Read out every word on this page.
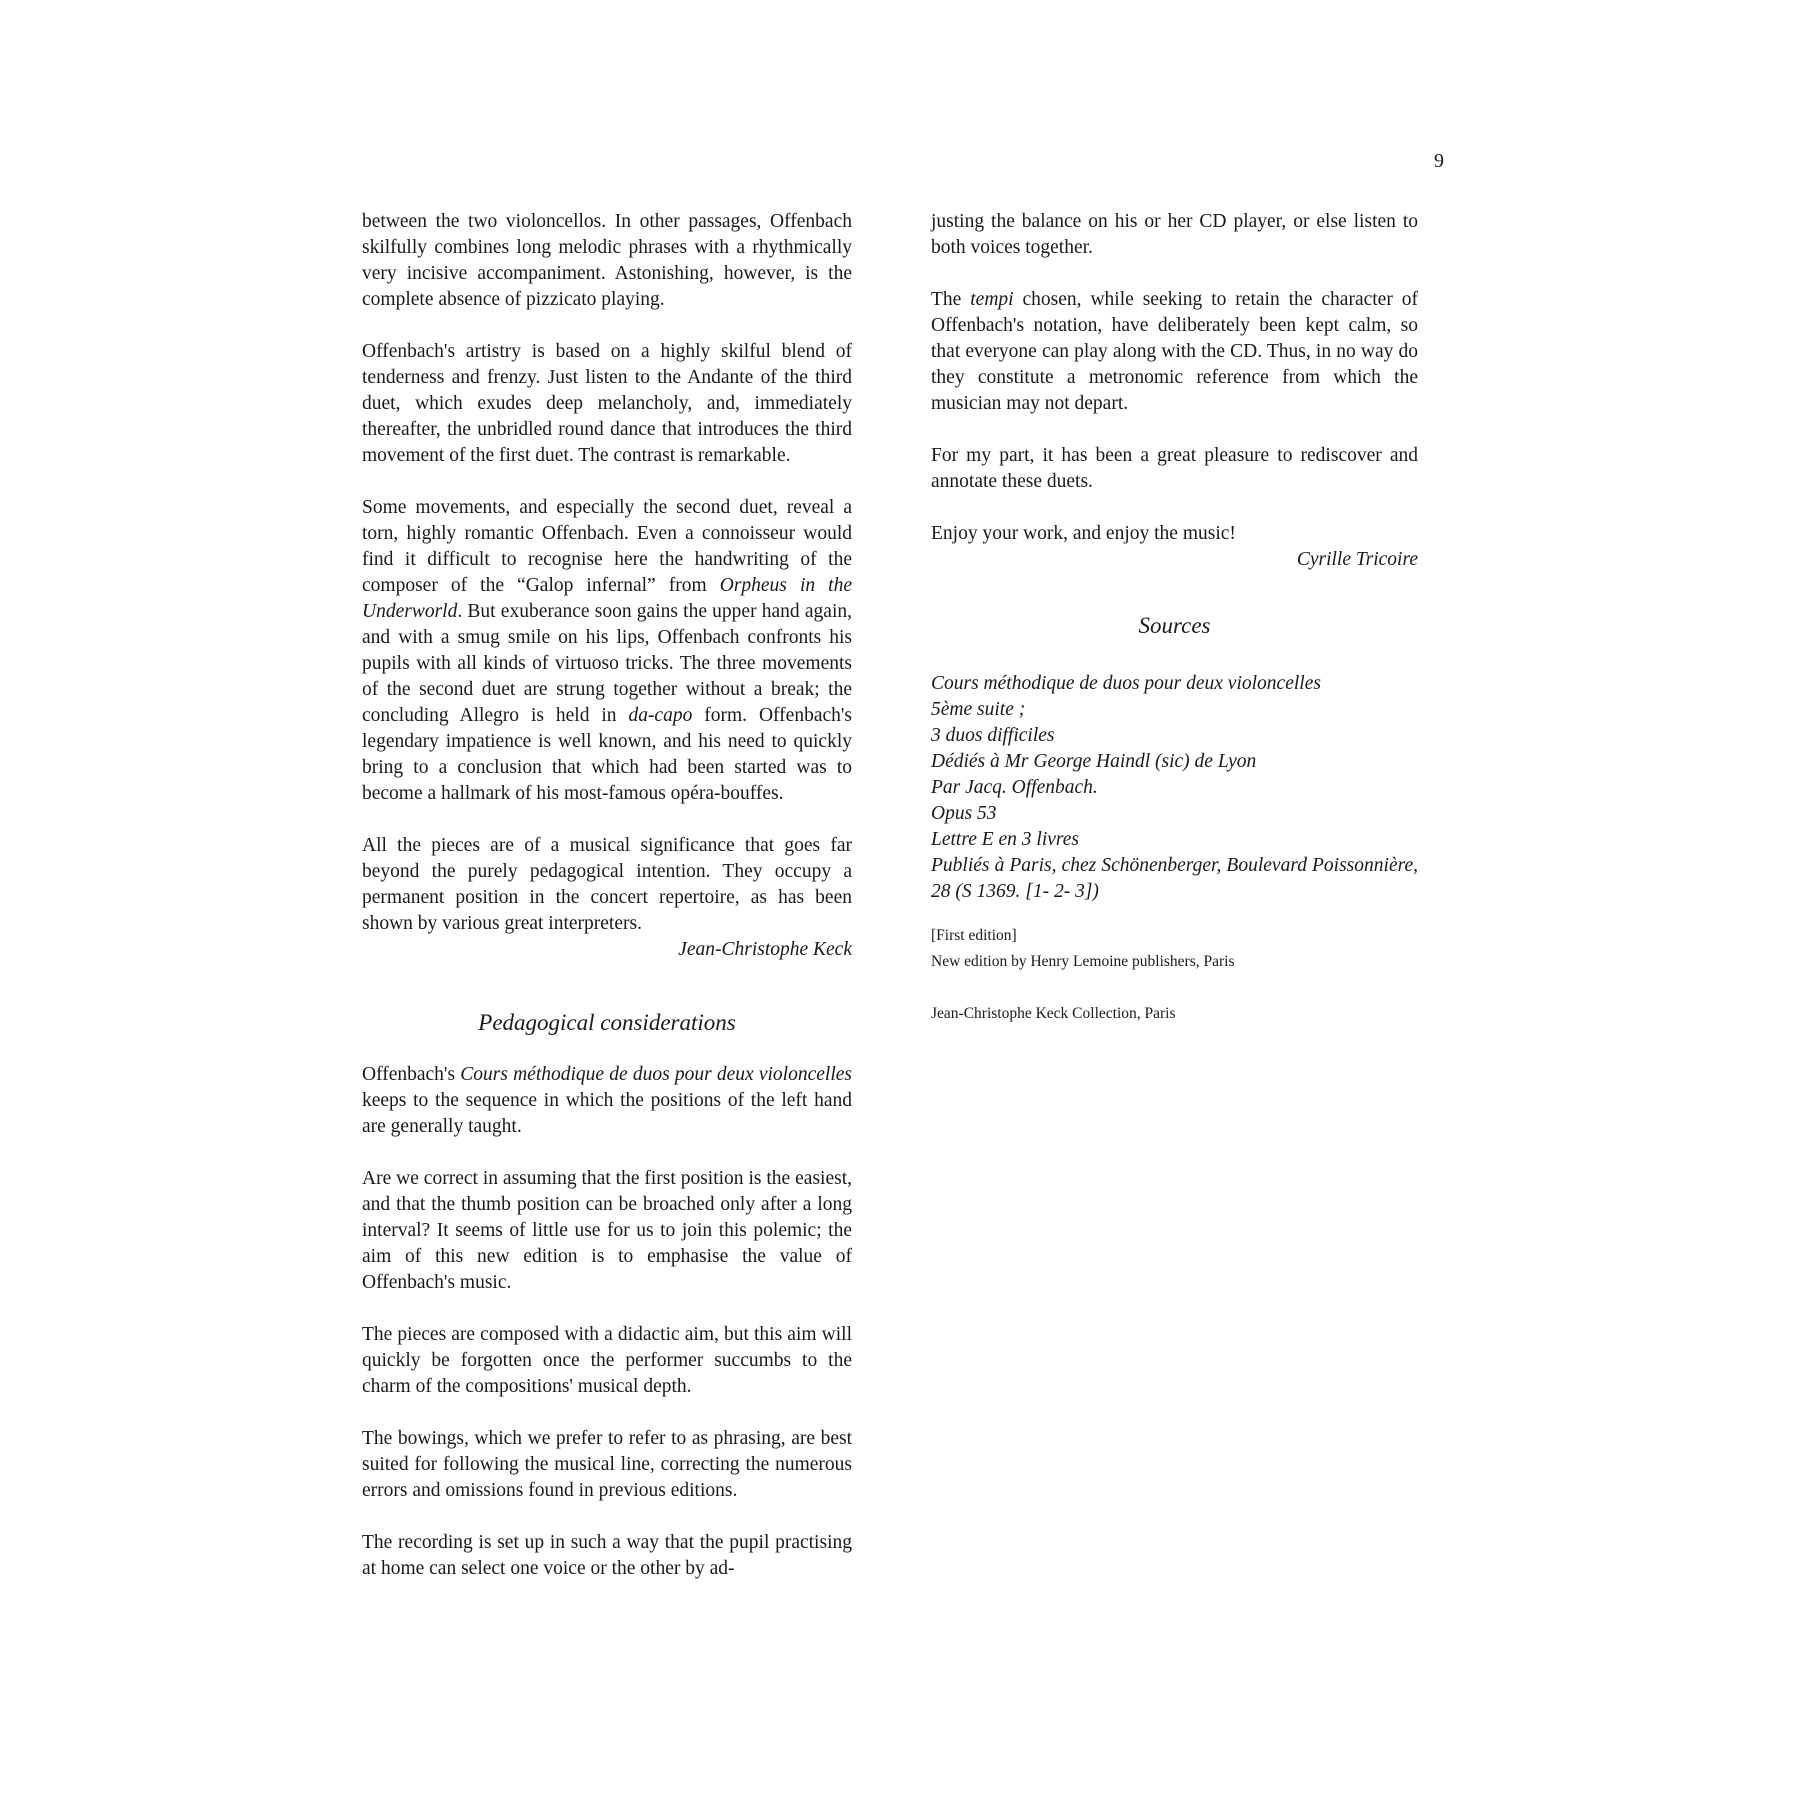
9

between the two violoncellos. In other passages, Offenbach skilfully combines long melodic phrases with a rhythmically very incisive accompaniment. Astonishing, however, is the complete absence of pizzicato playing.

Offenbach's artistry is based on a highly skilful blend of tenderness and frenzy. Just listen to the Andante of the third duet, which exudes deep melancholy, and, immediately thereafter, the unbridled round dance that introduces the third movement of the first duet. The contrast is remarkable.

Some movements, and especially the second duet, reveal a torn, highly romantic Offenbach. Even a connoisseur would find it difficult to recognise here the handwriting of the composer of the “Galop infernal” from Orpheus in the Underworld. But exuberance soon gains the upper hand again, and with a smug smile on his lips, Offenbach confronts his pupils with all kinds of virtuoso tricks. The three movements of the second duet are strung together without a break; the concluding Allegro is held in da-capo form. Offenbach's legendary impatience is well known, and his need to quickly bring to a conclusion that which had been started was to become a hallmark of his most-famous opéra-bouffes.

All the pieces are of a musical significance that goes far beyond the purely pedagogical intention. They occupy a permanent position in the concert repertoire, as has been shown by various great interpreters.

Jean-Christophe Keck
Pedagogical considerations

Offenbach's Cours méthodique de duos pour deux violoncelles keeps to the sequence in which the positions of the left hand are generally taught.

Are we correct in assuming that the first position is the easiest, and that the thumb position can be broached only after a long interval? It seems of little use for us to join this polemic; the aim of this new edition is to emphasise the value of Offenbach's music.

The pieces are composed with a didactic aim, but this aim will quickly be forgotten once the performer succumbs to the charm of the compositions' musical depth.

The bowings, which we prefer to refer to as phrasing, are best suited for following the musical line, correcting the numerous errors and omissions found in previous editions.

The recording is set up in such a way that the pupil practising at home can select one voice or the other by ad-

justing the balance on his or her CD player, or else listen to both voices together.

The tempi chosen, while seeking to retain the character of Offenbach's notation, have deliberately been kept calm, so that everyone can play along with the CD. Thus, in no way do they constitute a metronomic reference from which the musician may not depart.

For my part, it has been a great pleasure to rediscover and annotate these duets.

Enjoy your work, and enjoy the music!

Cyrille Tricoire
Sources
Cours méthodique de duos pour deux violoncelles
5ème suite ;
3 duos difficiles
Dédiés à Mr George Haindl (sic) de Lyon
Par Jacq. Offenbach.
Opus 53
Lettre E en 3 livres
Publiés à Paris, chez Schönenberger, Boulevard Poissonnière, 28 (S 1369. [1- 2- 3])
[First edition]
New edition by Henry Lemoine publishers, Paris
Jean-Christophe Keck Collection, Paris
